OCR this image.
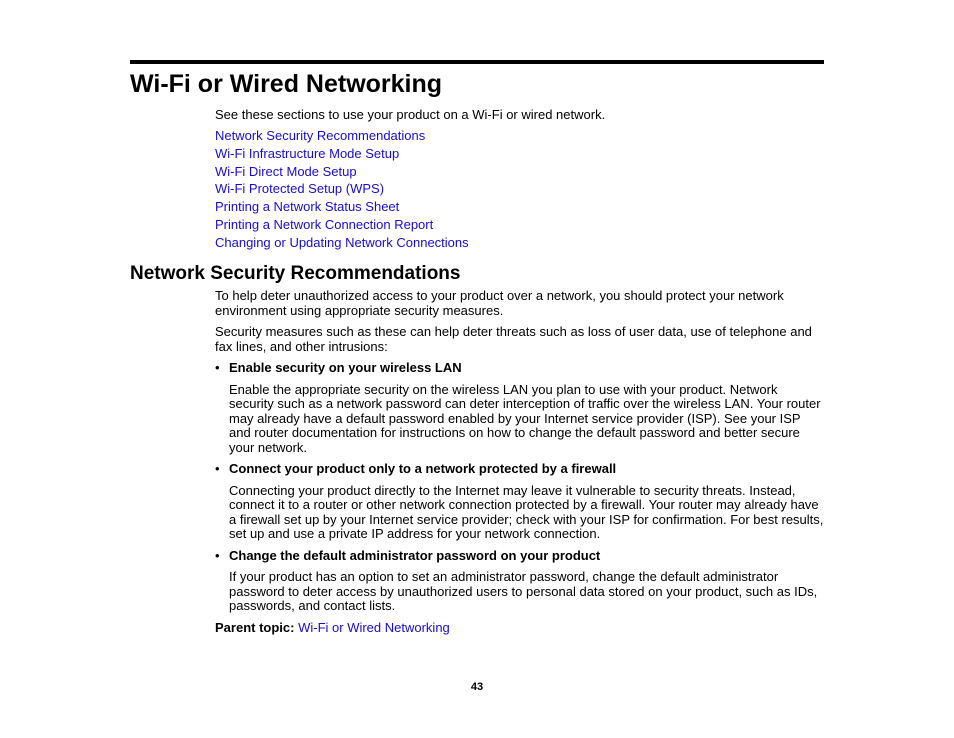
Wi-Fi or Wired Networking

See these sections to use your product on a Wi-Fi or wired network.

Network Security Recommendations
Wi-Fi Infrastructure Mode Setup
Wi-Fi Direct Mode Setup
Wi-Fi Protected Setup (WPS)
Printing a Network Status Sheet
Printing a Network Connection Report
Changing or Updating Network Connections
Network Security Recommendations

To help deter unauthorized access to your product over a network, you should protect your network environment using appropriate security measures.

Security measures such as these can help deter threats such as loss of user data, use of telephone and fax lines, and other intrusions:

• Enable security on your wireless LAN

Enable the appropriate security on the wireless LAN you plan to use with your product. Network security such as a network password can deter interception of traffic over the wireless LAN. Your router may already have a default password enabled by your Internet service provider (ISP). See your ISP and router documentation for instructions on how to change the default password and better secure your network.

• Connect your product only to a network protected by a firewall

Connecting your product directly to the Internet may leave it vulnerable to security threats. Instead, connect it to a router or other network connection protected by a firewall. Your router may already have a firewall set up by your Internet service provider; check with your ISP for confirmation. For best results, set up and use a private IP address for your network connection.

• Change the default administrator password on your product

If your product has an option to set an administrator password, change the default administrator password to deter access by unauthorized users to personal data stored on your product, such as IDs, passwords, and contact lists.

Parent topic: Wi-Fi or Wired Networking

43
